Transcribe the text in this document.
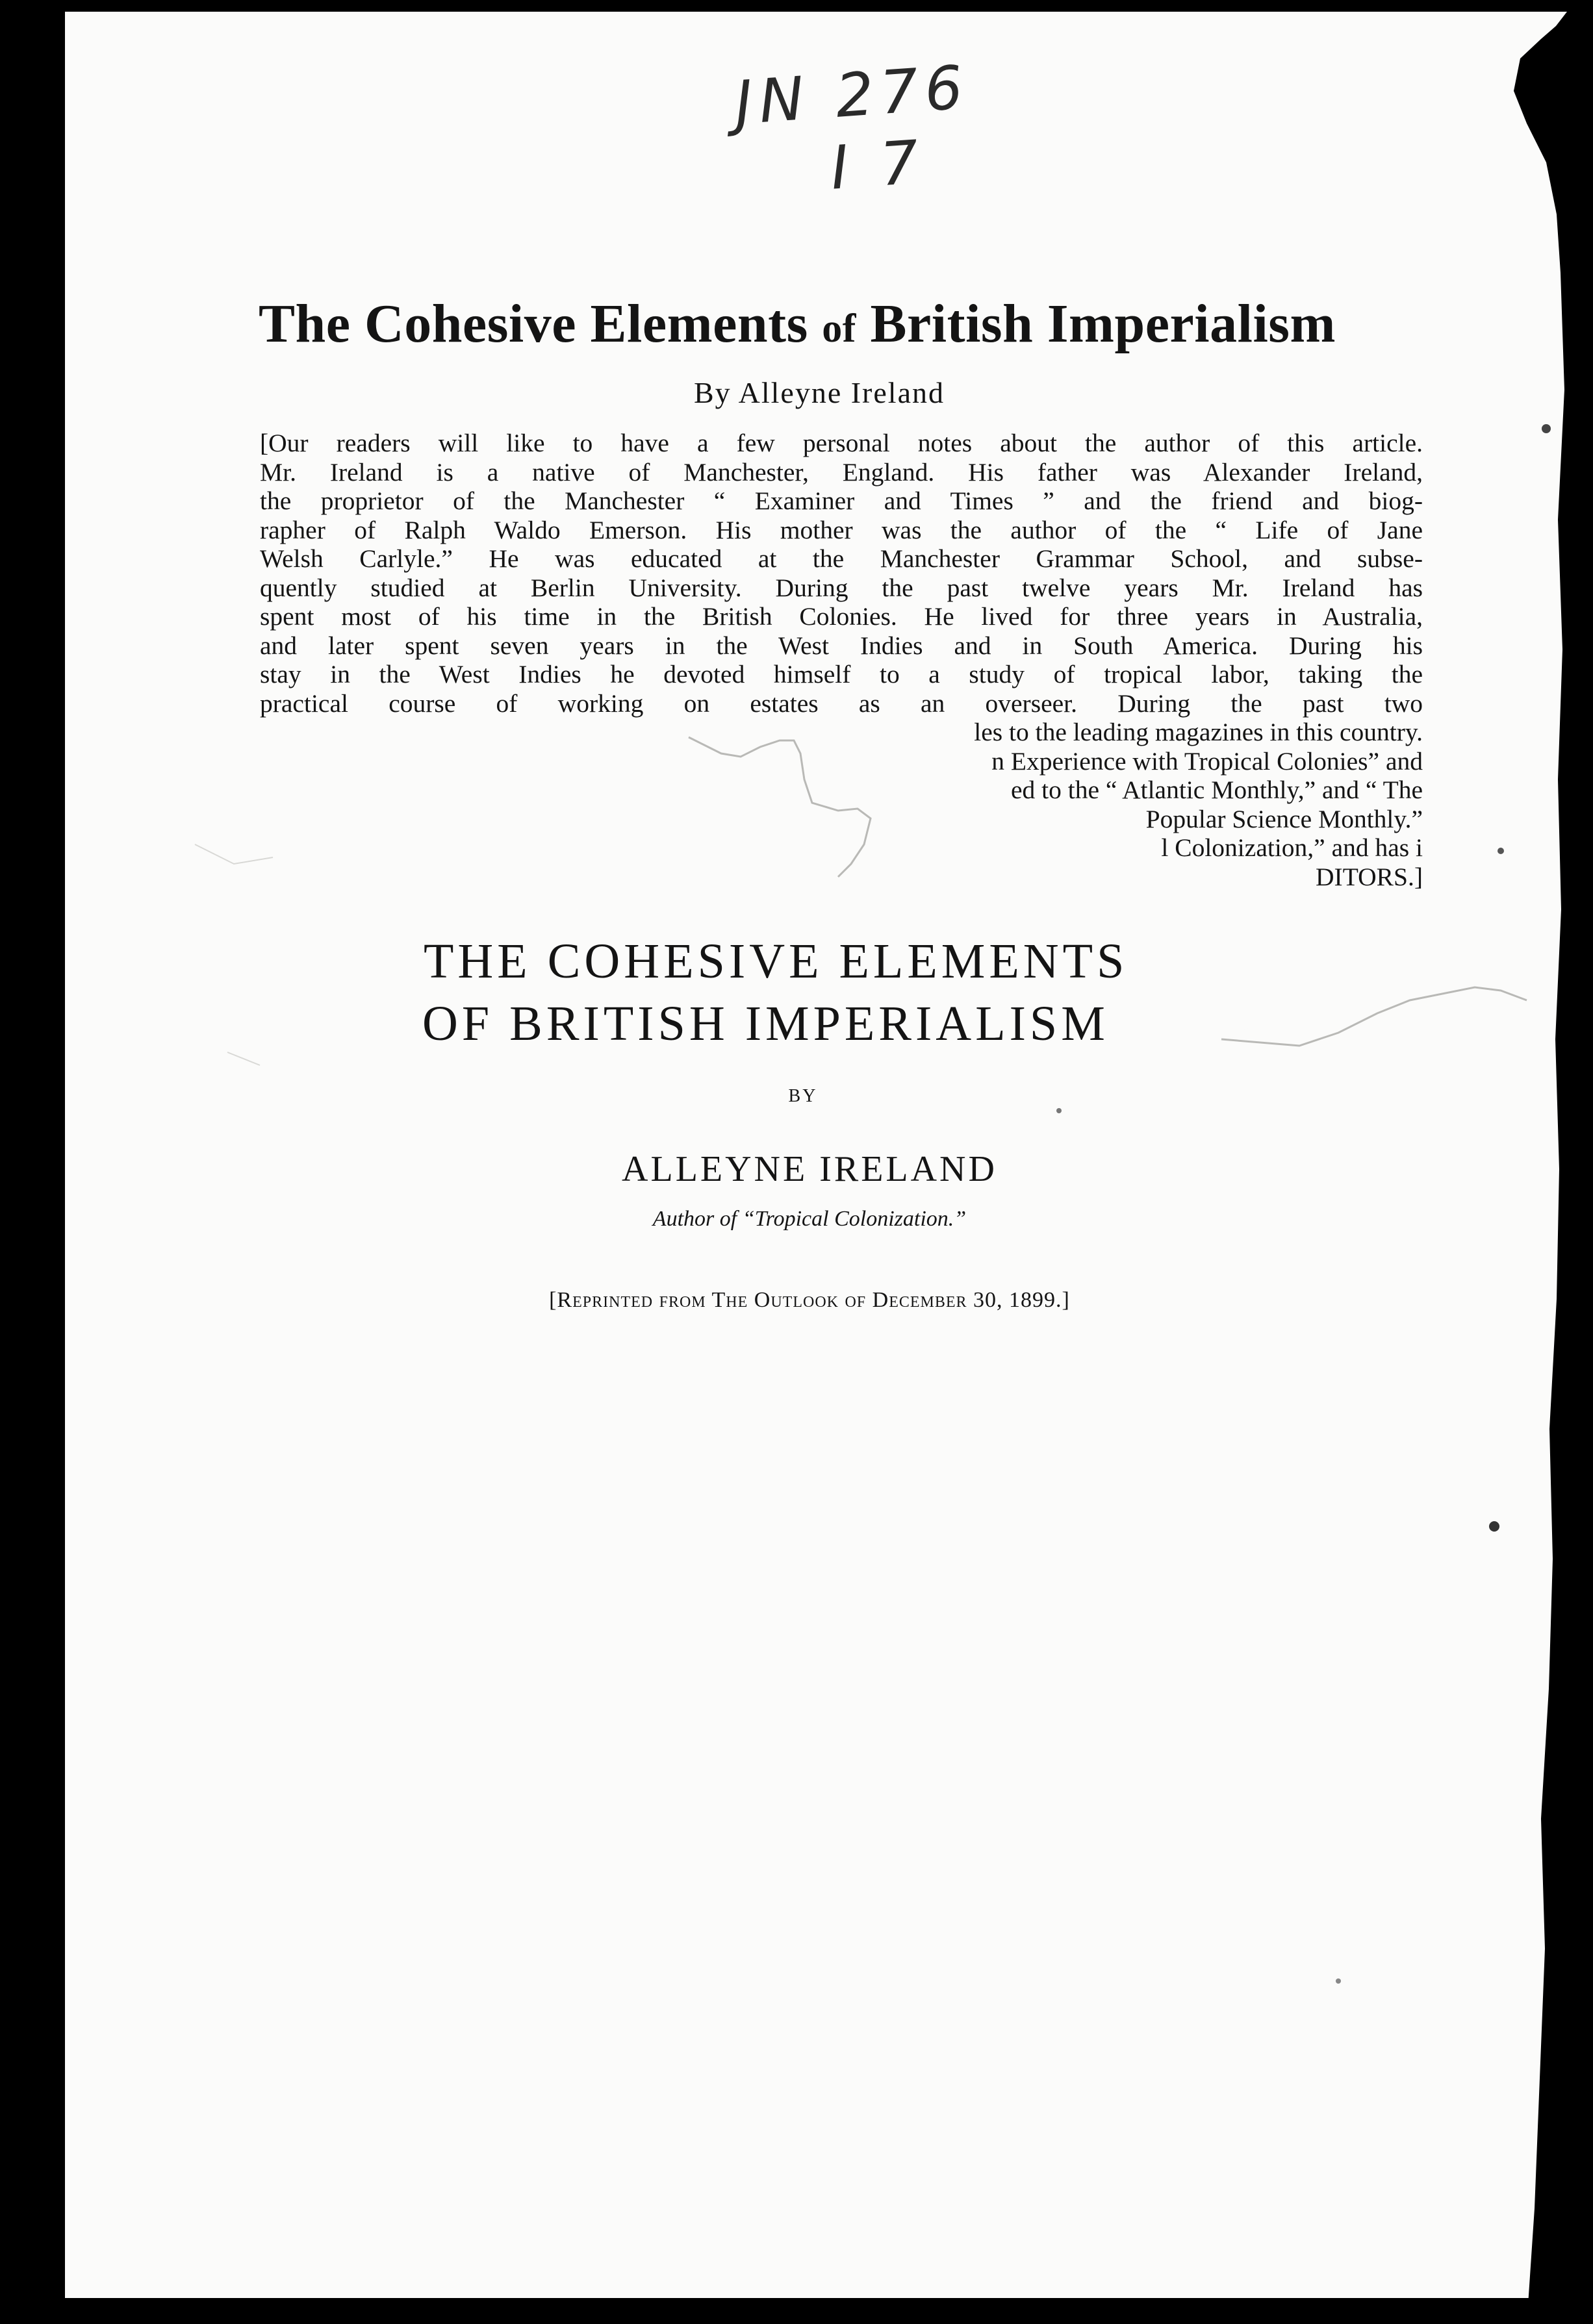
JN 276
I 7
The Cohesive Elements of British Imperialism
By Alleyne Ireland
[Our readers will like to have a few personal notes about the author of this article.
Mr. Ireland is a native of Manchester, England. His father was Alexander Ireland,
the proprietor of the Manchester “ Examiner and Times ” and the friend and biog-
rapher of Ralph Waldo Emerson. His mother was the author of the “ Life of Jane
Welsh Carlyle.” He was educated at the Manchester Grammar School, and subse-
quently studied at Berlin University. During the past twelve years Mr. Ireland has
spent most of his time in the British Colonies. He lived for three years in Australia,
and later spent seven years in the West Indies and in South America. During his
stay in the West Indies he devoted himself to a study of tropical labor, taking the
practical course of working on estates as an overseer. During the past two
les to the leading magazines in this country.
n Experience with Tropical Colonies” and
ed to the “ Atlantic Monthly,” and “ The
Popular Science Monthly.”
l Colonization,” and has i
DITORS.]
THE COHESIVE ELEMENTS
OF BRITISH IMPERIALISM
BY
ALLEYNE IRELAND
Author of “Tropical Colonization.”
[Reprinted from The Outlook of December 30, 1899.]
